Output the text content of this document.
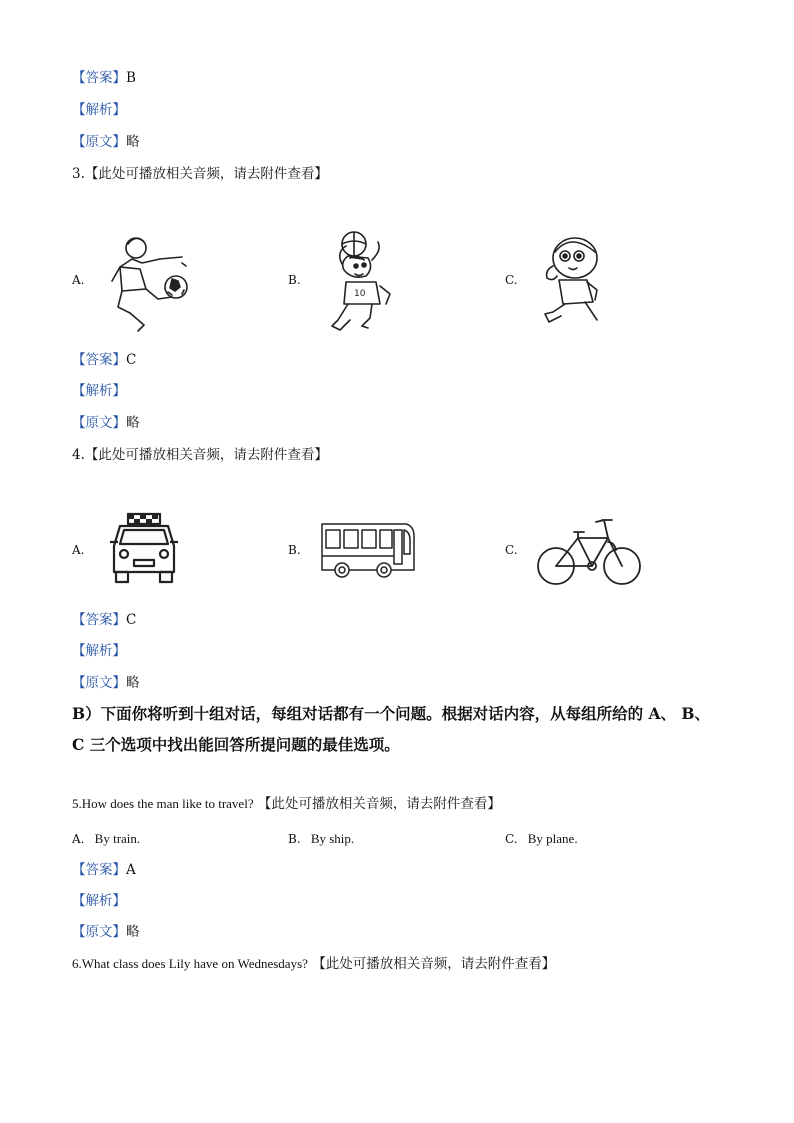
【答案】B
【解析】
【原文】略
3.【此处可播放相关音频，请去附件查看】
A.	B.
10
C.
【答案】C
【解析】
【原文】略
4.【此处可播放相关音频，请去附件查看】
A.	B.	C.
【答案】C
【解析】
【原文】略
B）下面你将听到十组对话，每组对话都有一个问题。根据对话内容，从每组所给的 A、 B、
C 三个选项中找出能回答所提问题的最佳选项。
5.How does the man like to travel? 【此处可播放相关音频，请去附件查看】
A. By train.	B. By ship.	C. By plane.
【答案】A
【解析】
【原文】略
6.What class does Lily have on Wednesdays? 【此处可播放相关音频，请去附件查看】
